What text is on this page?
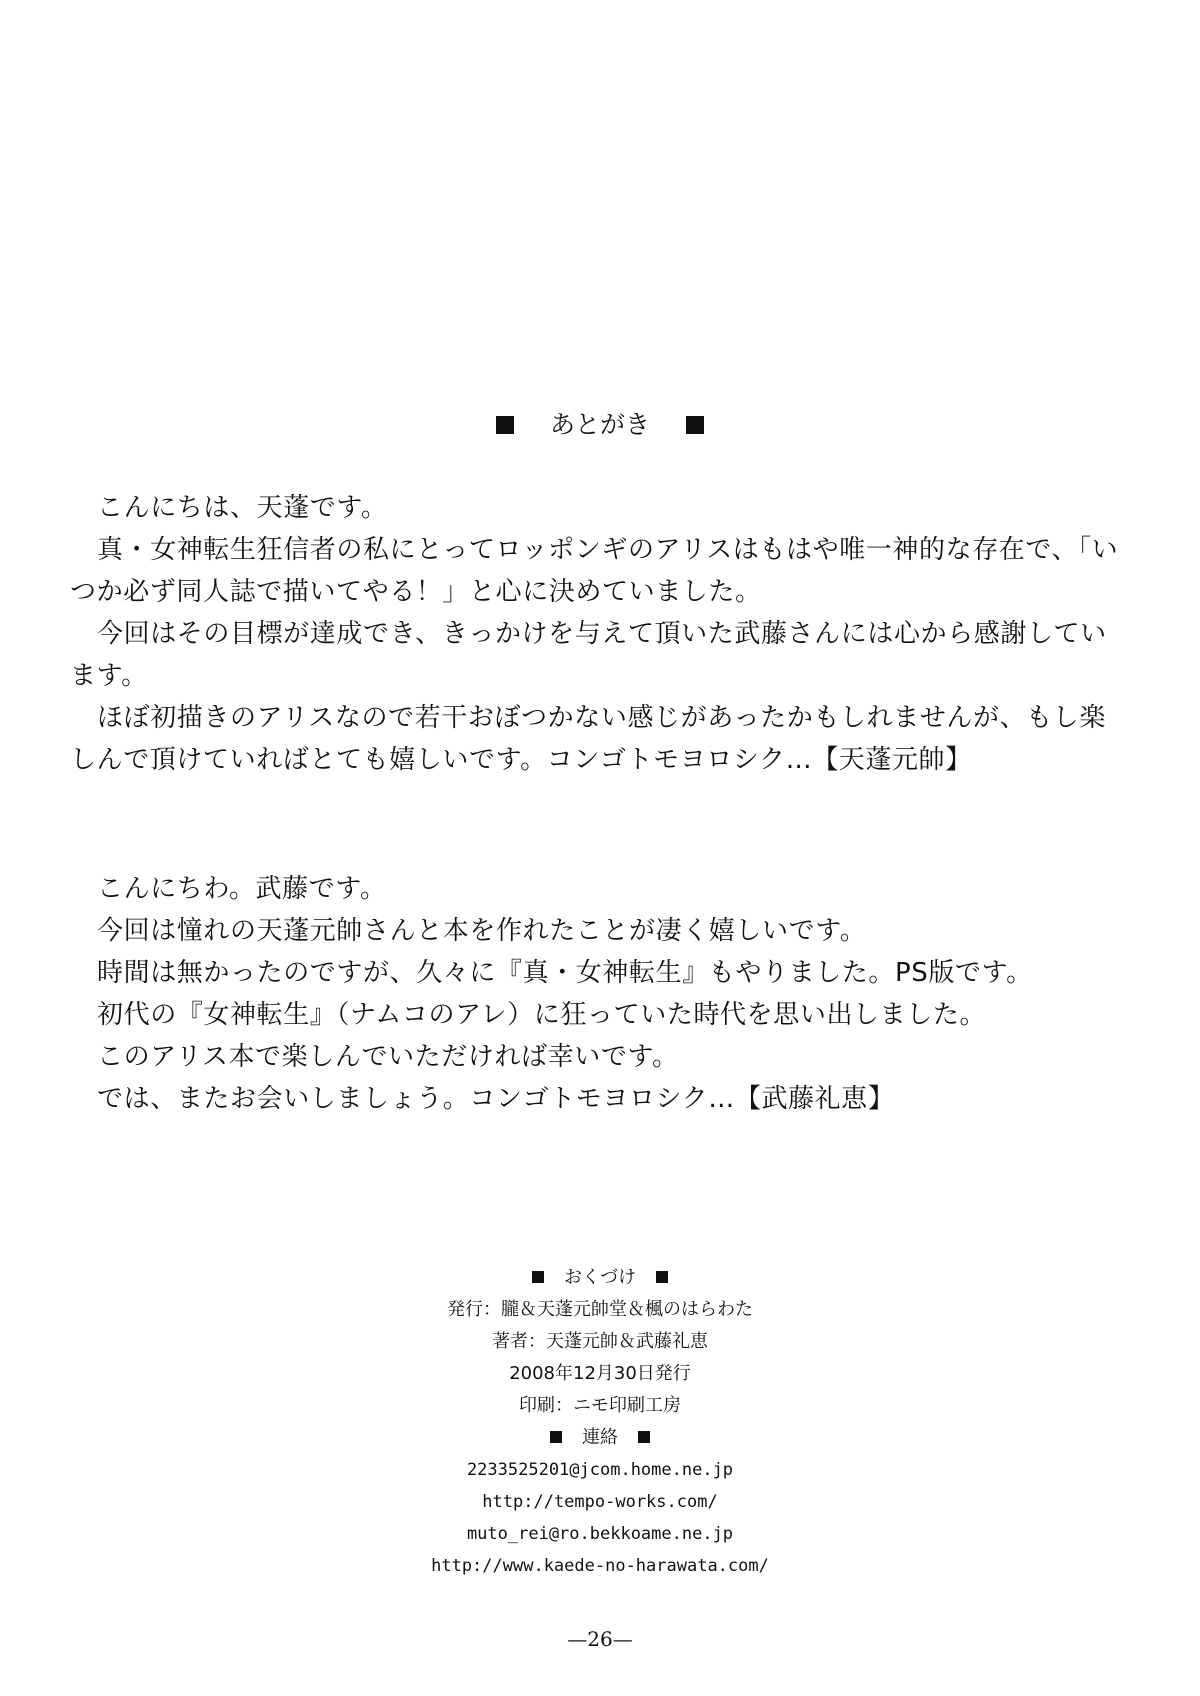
あとがき

こんにちは、天蓬です。

真・女神転生狂信者の私にとってロッポンギのアリスはもはや唯一神的な存在で、「いつか必ず同人誌で描いてやる！」と心に決めていました。

今回はその目標が達成でき、きっかけを与えて頂いた武藤さんには心から感謝しています。

ほぼ初描きのアリスなので若干おぼつかない感じがあったかもしれませんが、もし楽しんで頂けていればとても嬉しいです。コンゴトモヨロシク…【天蓬元帥】

こんにちわ。武藤です。

今回は憧れの天蓬元帥さんと本を作れたことが凄く嬉しいです。

時間は無かったのですが、久々に『真・女神転生』もやりました。PS版です。

初代の『女神転生』（ナムコのアレ）に狂っていた時代を思い出しました。

このアリス本で楽しんでいただければ幸いです。

では、またお会いしましょう。コンゴトモヨロシク…【武藤礼恵】

おくづけ
発行：朧＆天蓬元帥堂＆楓のはらわた
著者：天蓬元帥＆武藤礼恵
2008年12月30日発行
印刷：ニモ印刷工房
連絡
2233525201@jcom.home.ne.jp
http://tempo-works.com/
muto_rei@ro.bekkoame.ne.jp
http://www.kaede-no-harawata.com/
—26—
